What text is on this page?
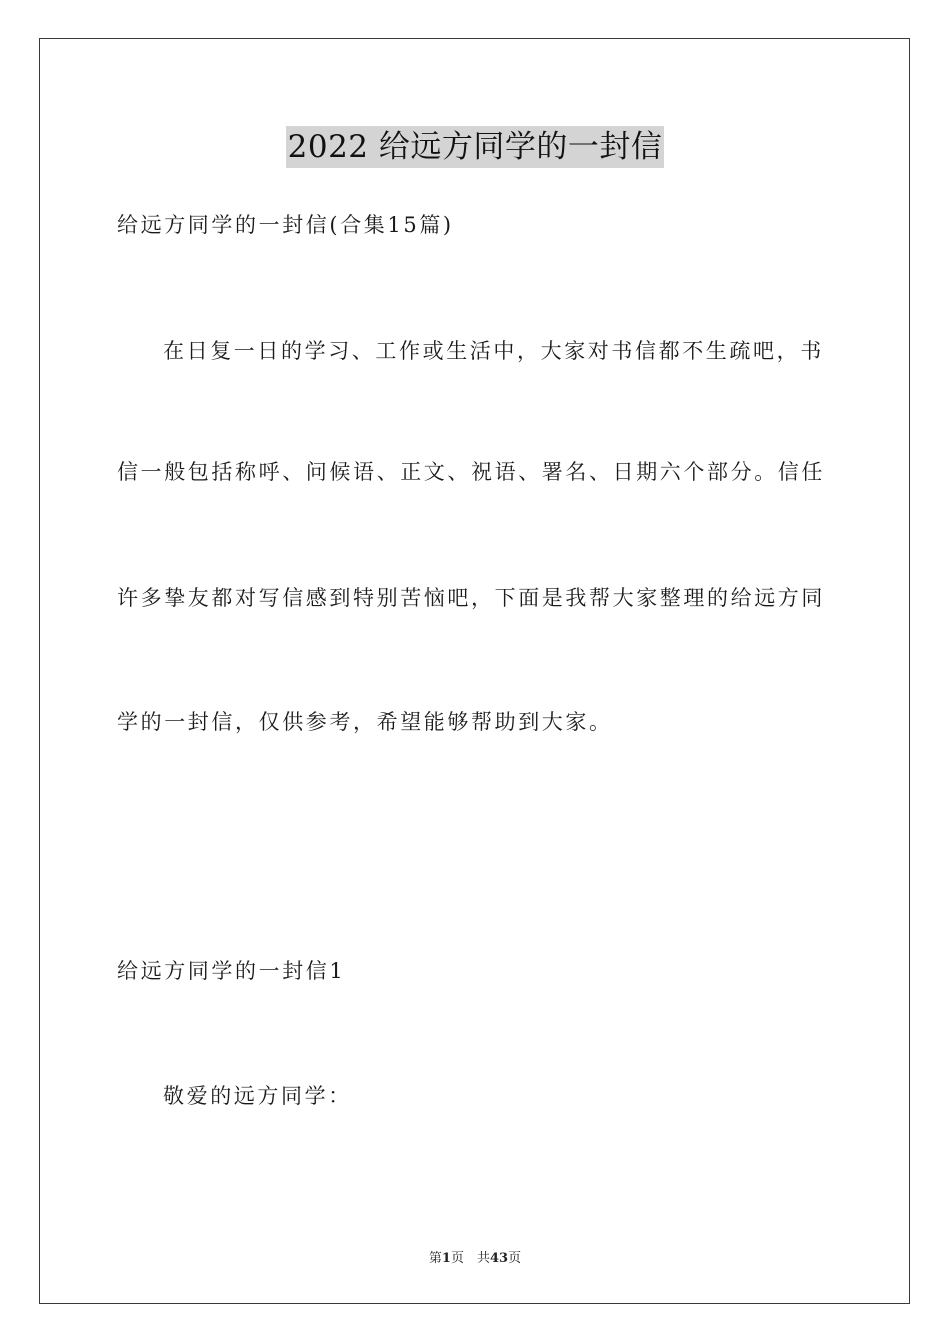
2022 给远方同学的一封信
给远方同学的一封信(合集15篇)
在日复一日的学习、工作或生活中，大家对书信都不生疏吧，书
信一般包括称呼、问候语、正文、祝语、署名、日期六个部分。信任
许多挚友都对写信感到特别苦恼吧，下面是我帮大家整理的给远方同
学的一封信，仅供参考，希望能够帮助到大家。
给远方同学的一封信1
敬爱的远方同学：
第1页　共43页
